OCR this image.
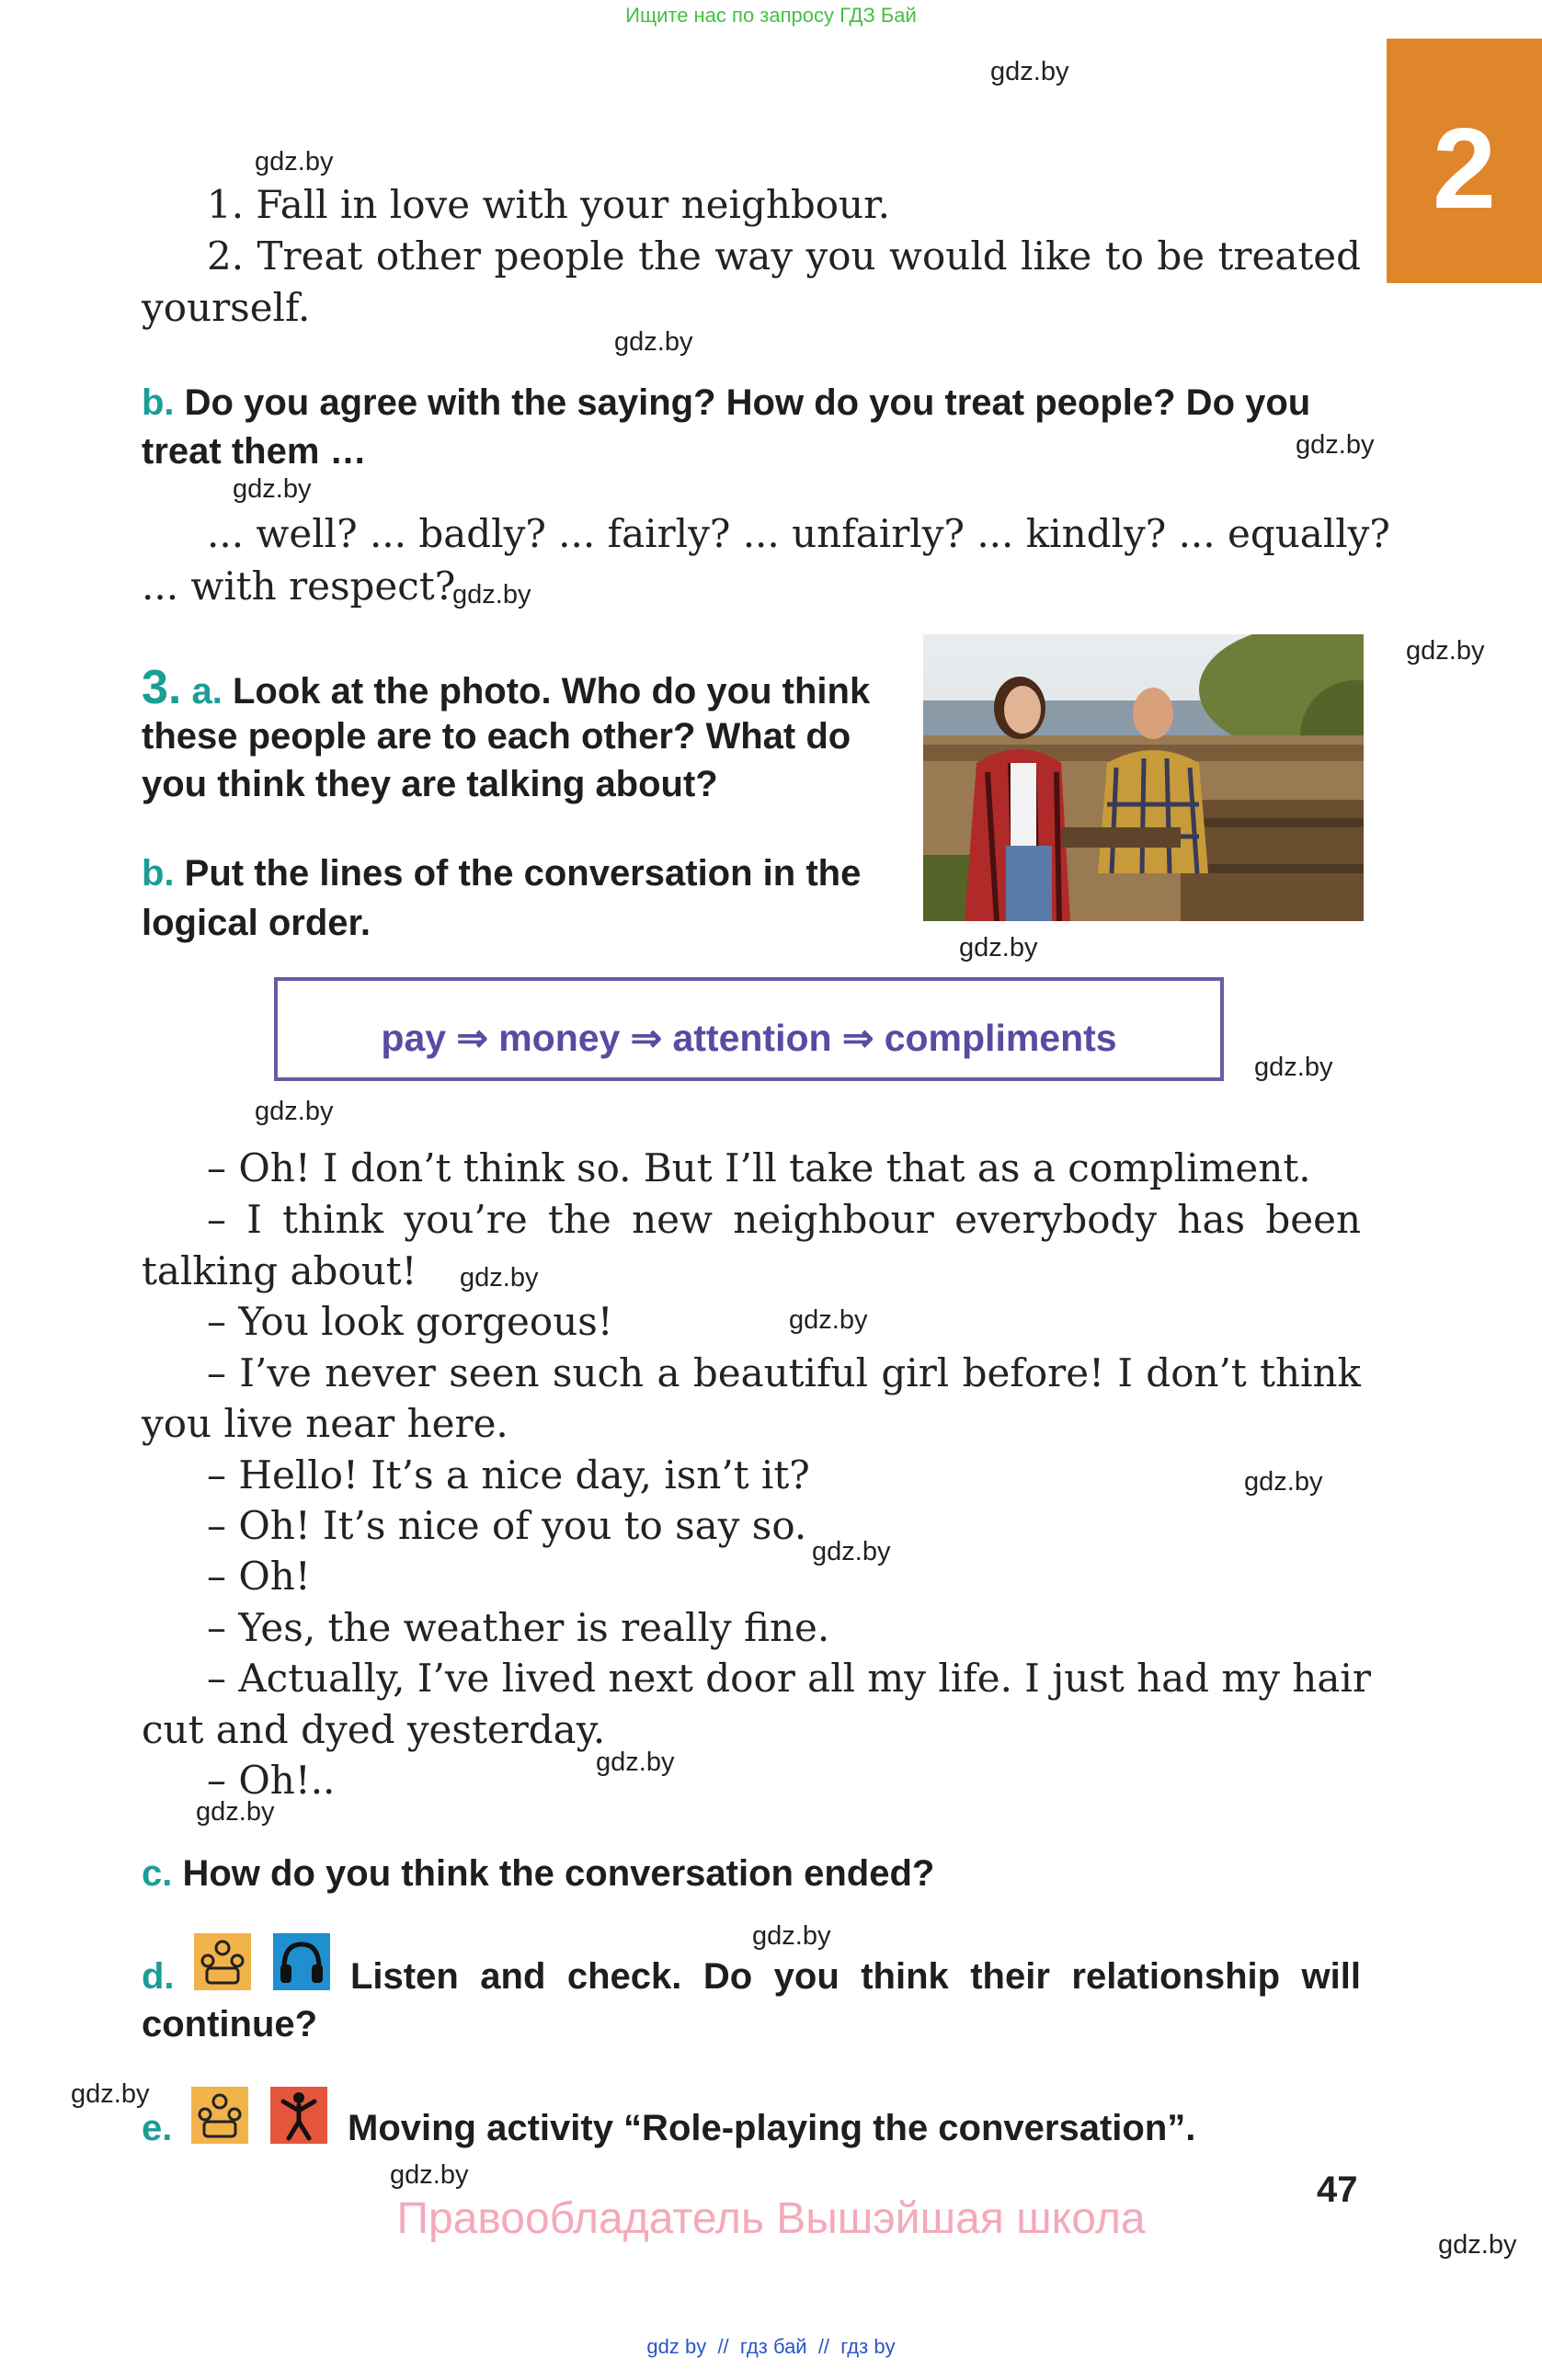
Ищите нас по запросу ГДЗ Бай
2
gdz.by
gdz.by
gdz.by
gdz.by
gdz.by
gdz.by
gdz.by
gdz.by
gdz.by
gdz.by
gdz.by
gdz.by
gdz.by
gdz.by
gdz.by
gdz.by
gdz.by
gdz.by
gdz.by
gdz.by
1. Fall in love with your neighbour.
2. Treat other people the way you would like to be treated
yourself.
b. Do you agree with the saying? How do you treat people? Do you
treat them …
... well? ... badly? ... fairly? ... unfairly? ... kindly? ... equally?
... with respect?
3. a. Look at the photo. Who do you think
these people are to each other? What do
you think they are talking about?
b. Put the lines of the conversation in the
logical order.
pay ⇒ money ⇒ attention ⇒ compliments
– Oh! I don’t think so. But I’ll take that as a compliment.
– I think you’re the new neighbour everybody has been
talking about!
– You look gorgeous!
– I’ve never seen such a beautiful girl before! I don’t think
you live near here.
– Hello! It’s a nice day, isn’t it?
– Oh! It’s nice of you to say so.
– Oh!
– Yes, the weather is really fine.
– Actually, I’ve lived next door all my life. I just had my hair
cut and dyed yesterday.
– Oh!..
c. How do you think the conversation ended?
d.	Listen and check. Do you think their relationship will
continue?
e.	Moving activity “Role-playing the conversation”.
47
Правообладатель Вышэйшая школа
gdz by  //  гдз бай  //  гдз by
